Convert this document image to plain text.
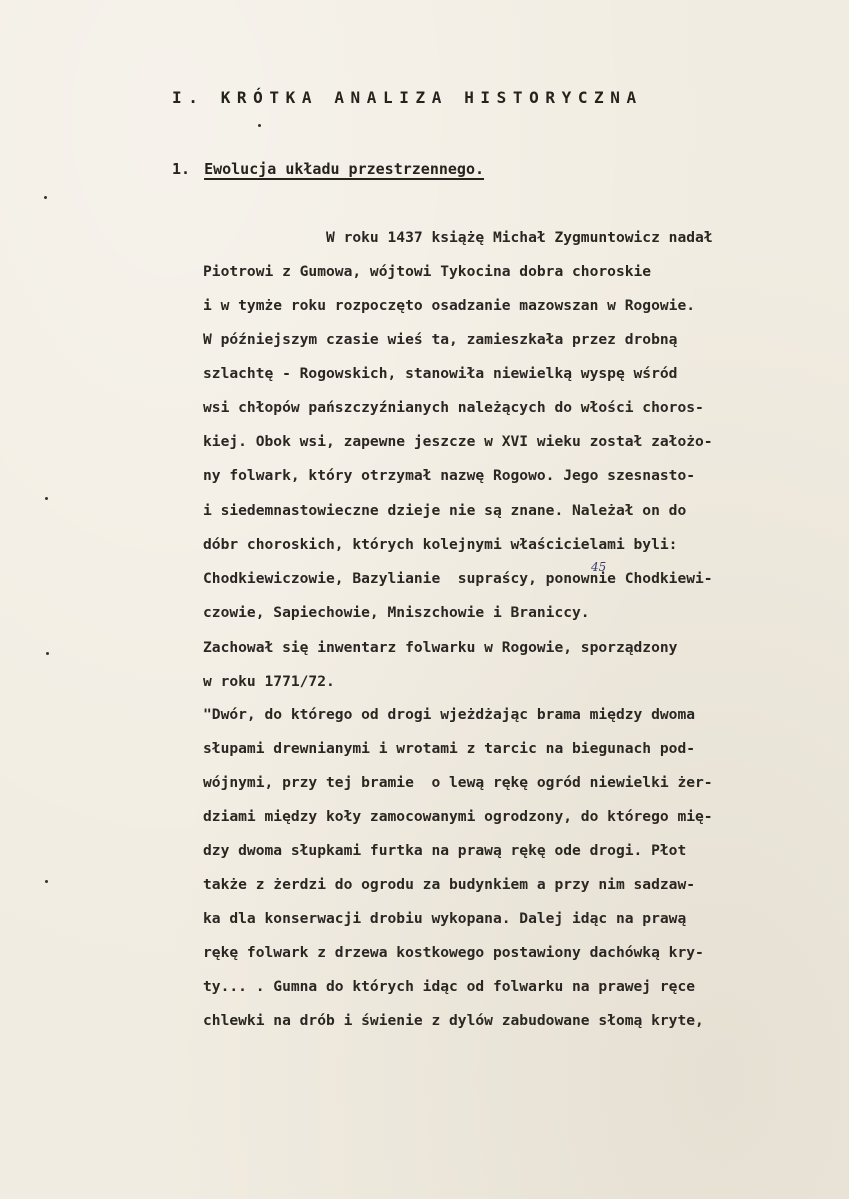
I. KRÓTKA ANALIZA HISTORYCZNA
1. Ewolucja układu przestrzennego.
W roku 1437 książę Michał Zygmuntowicz nadał
Piotrowi z Gumowa, wójtowi Tykocina dobra choroskie
i w tymże roku rozpoczęto osadzanie mazowszan w Rogowie.
W późniejszym czasie wieś ta, zamieszkała przez drobną
szlachtę - Rogowskich, stanowiła niewielką wyspę wśród
wsi chłopów pańszczyźnianych należących do włości choros-
kiej. Obok wsi, zapewne jeszcze w XVI wieku został założo-
ny folwark, który otrzymał nazwę Rogowo. Jego szesnasto-
i siedemnastowieczne dzieje nie są znane. Należał on do
dóbr choroskich, których kolejnymi właścicielami byli:
Chodkiewiczowie, Bazylianie  supraścy, ponownie Chodkiewi-
czowie, Sapiechowie, Mniszchowie i Braniccy.
Zachował się inwentarz folwarku w Rogowie, sporządzony
w roku 1771/72.
"Dwór, do którego od drogi wjeżdżając brama między dwoma
słupami drewnianymi i wrotami z tarcic na biegunach pod-
wójnymi, przy tej bramie  o lewą rękę ogród niewielki żer-
dziami między koły zamocowanymi ogrodzony, do którego mię-
dzy dwoma słupkami furtka na prawą rękę ode drogi. Płot
także z żerdzi do ogrodu za budynkiem a przy nim sadzaw-
ka dla konserwacji drobiu wykopana. Dalej idąc na prawą
rękę folwark z drzewa kostkowego postawiony dachówką kry-
ty... . Gumna do których idąc od folwarku na prawej ręce
chlewki na drób i świenie z dylów zabudowane słomą kryte,
45
